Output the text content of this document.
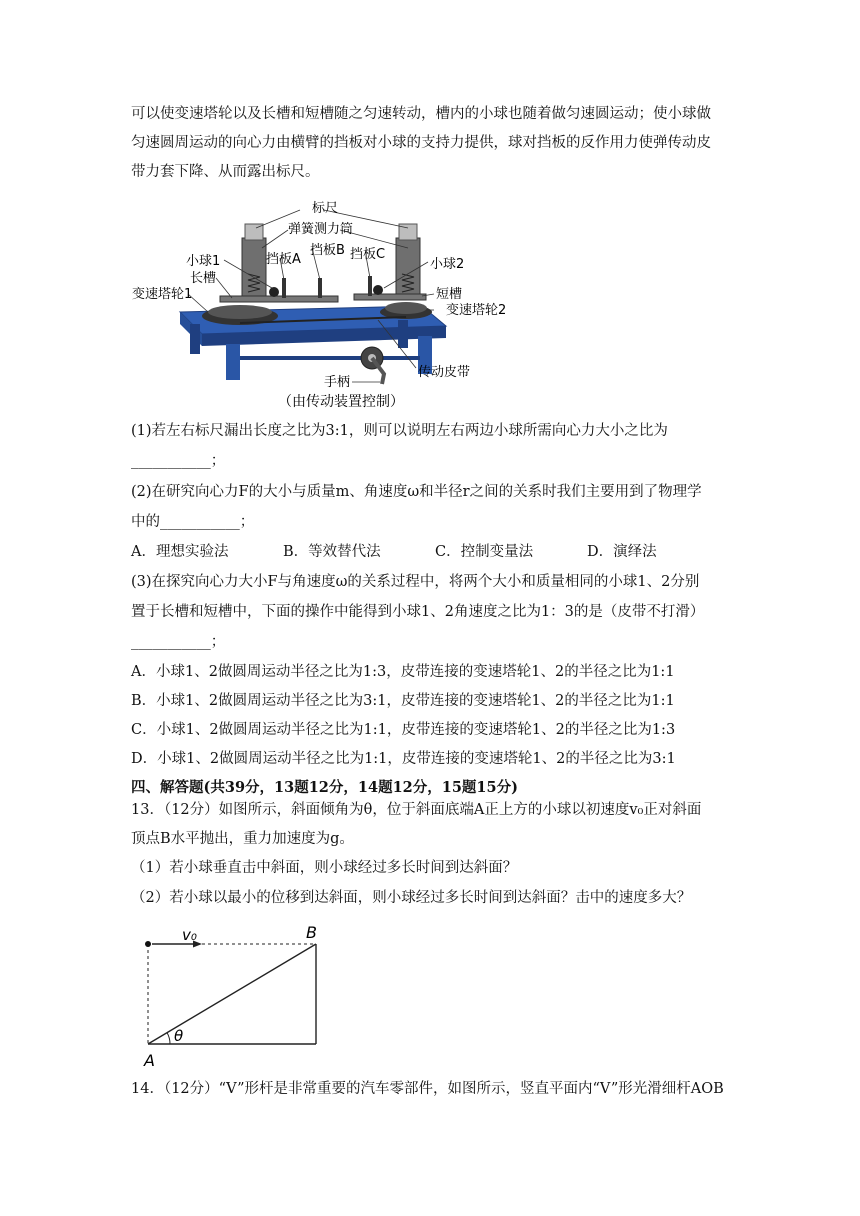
可以使变速塔轮以及长槽和短槽随之匀速转动，槽内的小球也随着做匀速圆运动；使小球做
匀速圆周运动的向心力由横臂的挡板对小球的支持力提供，球对挡板的反作用力使弹传动皮
带力套下降、从而露出标尺。
标尺
弹簧测力筒
挡板B
挡板A	挡板C
小球1	小球2
长槽
短槽
变速塔轮1
变速塔轮2
手柄
传动皮带
（由传动装置控制）
(1)若左右标尺漏出长度之比为3:1，则可以说明左右两边小球所需向心力大小之比为
___________；
(2)在研究向心力F的大小与质量m、角速度ω和半径r之间的关系时我们主要用到了物理学
中的___________；
A．理想实验法	B．等效替代法	C．控制变量法	D．演绎法
(3)在探究向心力大小F与角速度ω的关系过程中，将两个大小和质量相同的小球1、2分别
置于长槽和短槽中，下面的操作中能得到小球1、2角速度之比为1：3的是（皮带不打滑）
___________；
A．小球1、2做圆周运动半径之比为1:3，皮带连接的变速塔轮1、2的半径之比为1:1
B．小球1、2做圆周运动半径之比为3:1，皮带连接的变速塔轮1、2的半径之比为1:1
C．小球1、2做圆周运动半径之比为1:1，皮带连接的变速塔轮1、2的半径之比为1:3
D．小球1、2做圆周运动半径之比为1:1，皮带连接的变速塔轮1、2的半径之比为3:1
四、解答题(共39分，13题12分，14题12分，15题15分)
13．（12分）如图所示，斜面倾角为θ，位于斜面底端A正上方的小球以初速度v₀正对斜面
顶点B水平抛出，重力加速度为g。
（1）若小球垂直击中斜面，则小球经过多长时间到达斜面？
（2）若小球以最小的位移到达斜面，则小球经过多长时间到达斜面？击中的速度多大？
v₀	B
A
θ
14．（12分）“V”形杆是非常重要的汽车零部件，如图所示，竖直平面内“V”形光滑细杆AOB
